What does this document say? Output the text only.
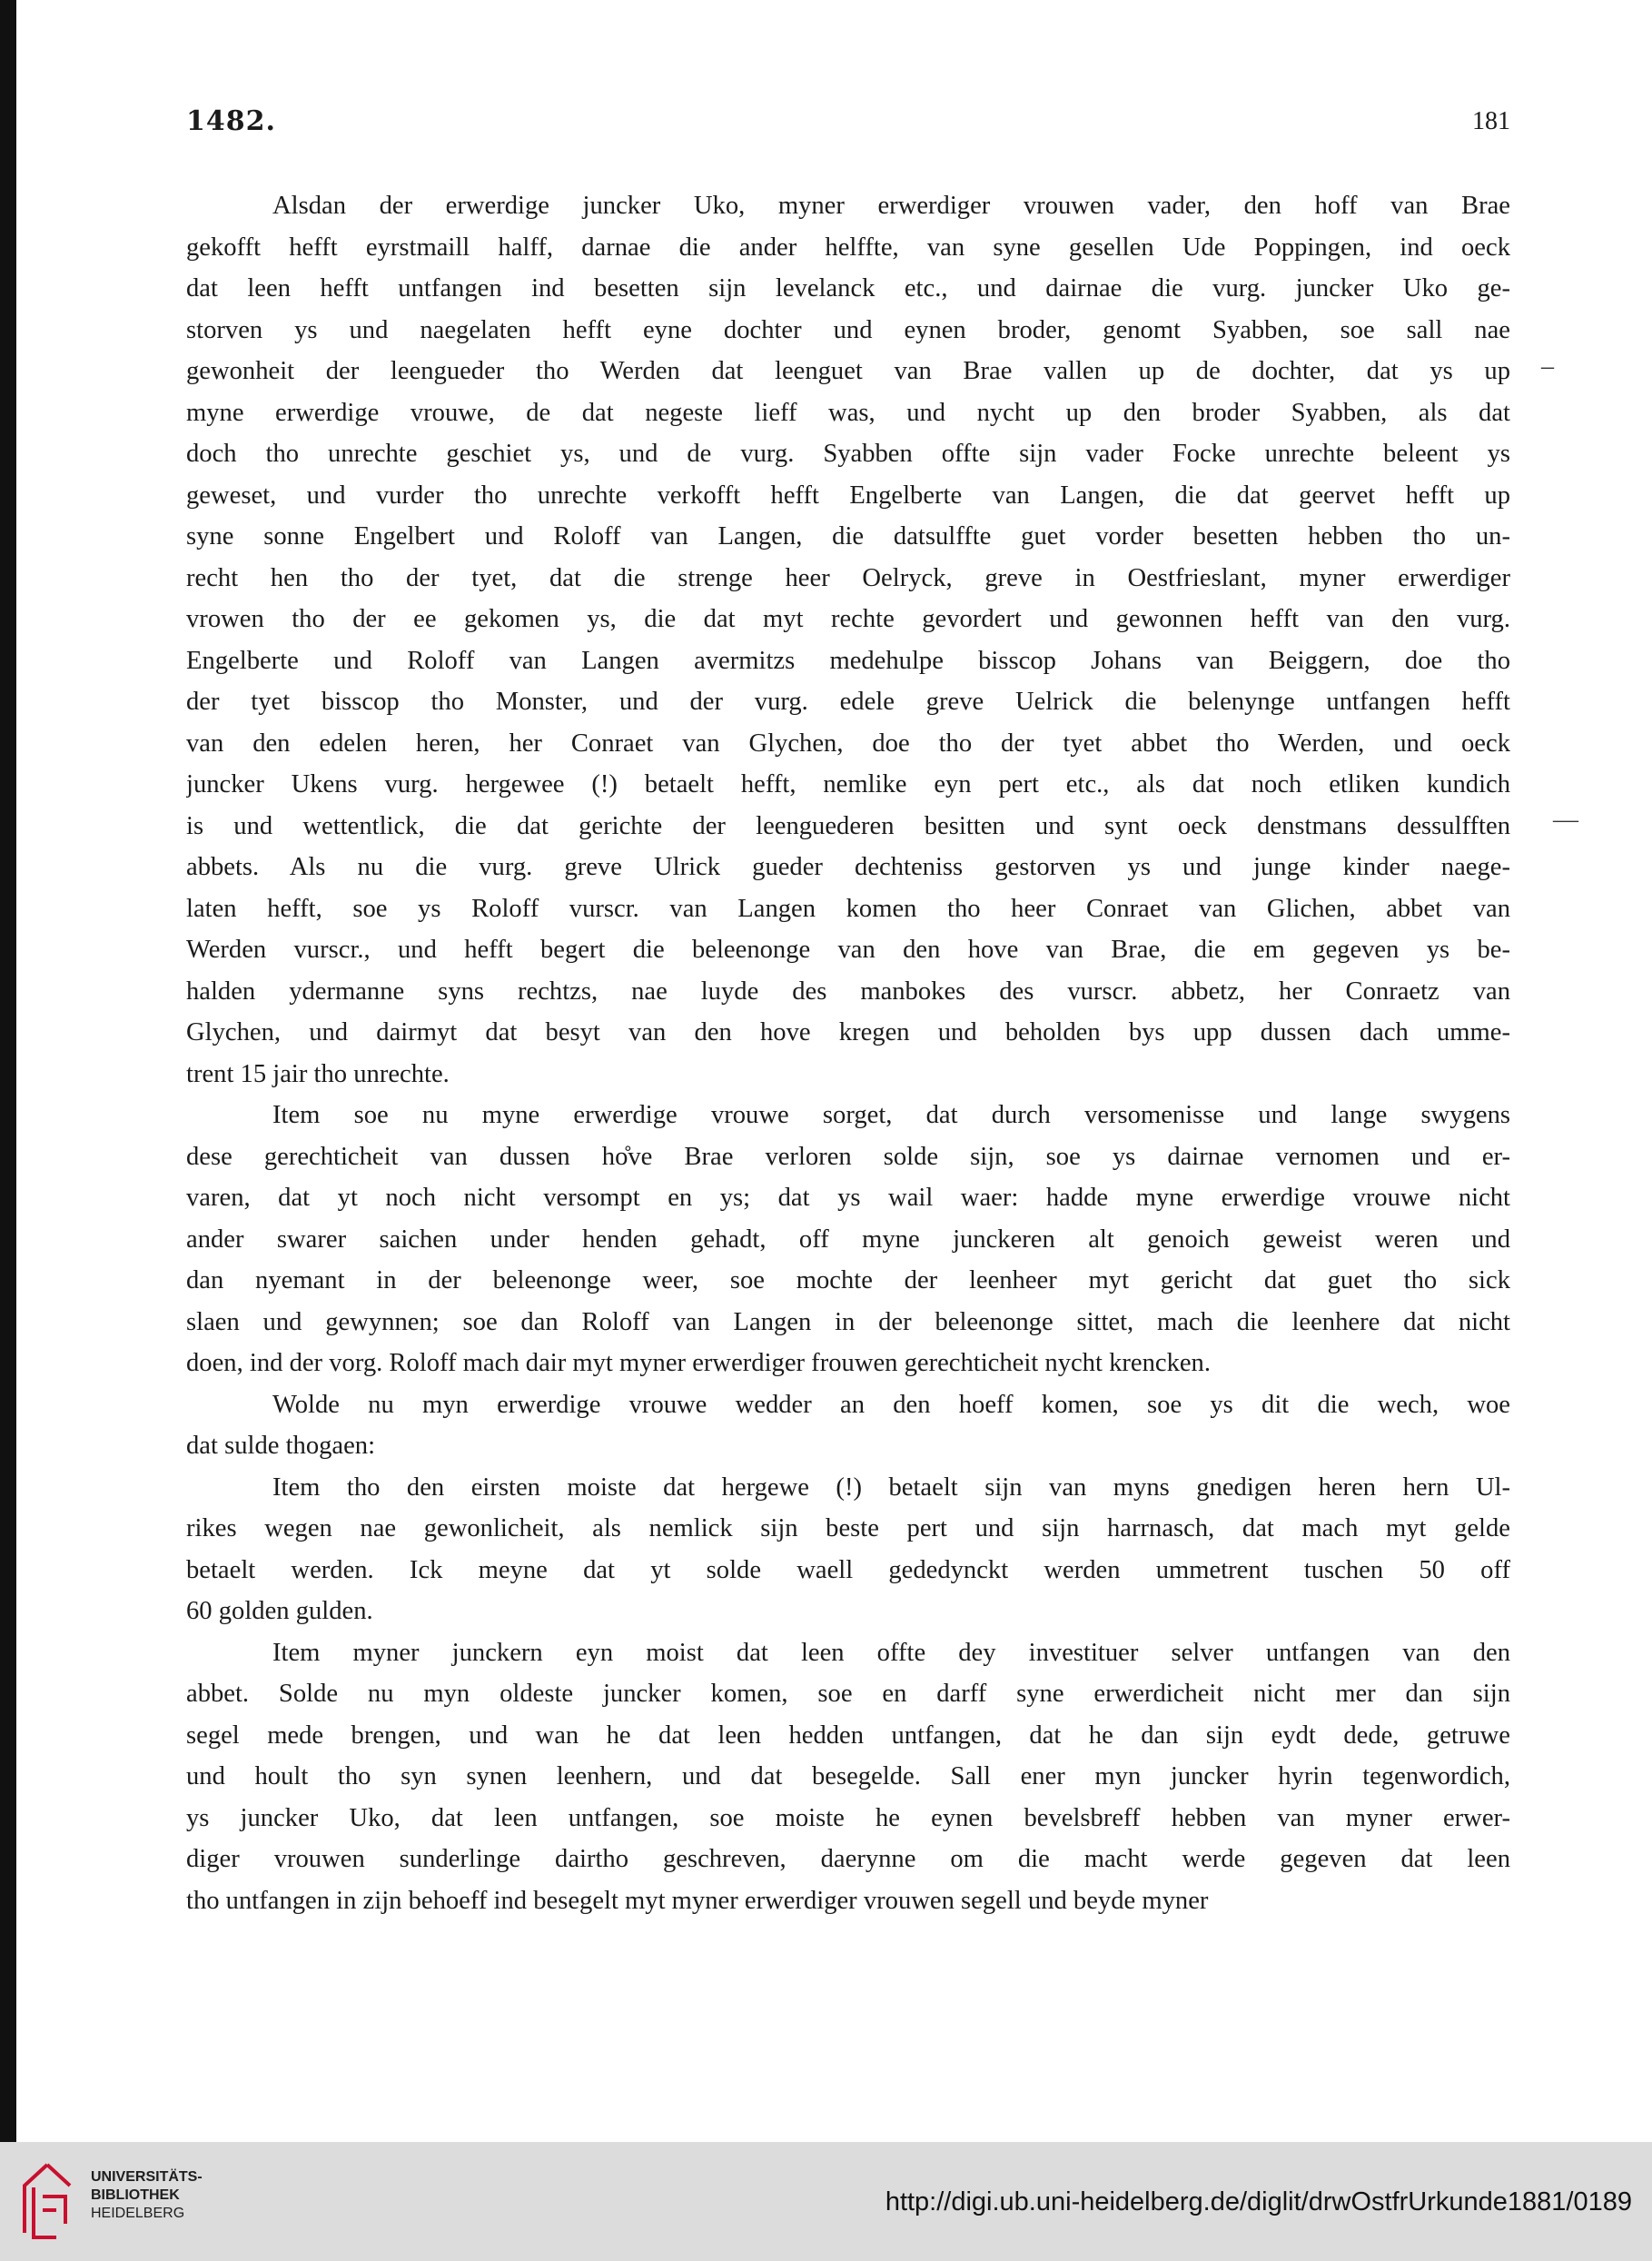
1482.	181
Alsdan der erwerdige juncker Uko, myner erwerdiger vrouwen vader, den hoff van Brae
gekofft hefft eyrstmaill halff, darnae die ander helffte, van syne gesellen Ude Poppingen, ind oeck
dat leen hefft untfangen ind besetten sijn levelanck etc., und dairnae die vurg. juncker Uko ge-
storven ys und naegelaten hefft eyne dochter und eynen broder, genomt Syabben, soe sall nae
gewonheit der leengueder tho Werden dat leenguet van Brae vallen up de dochter, dat ys up
myne erwerdige vrouwe, de dat negeste lieff was, und nycht up den broder Syabben, als dat
doch tho unrechte geschiet ys, und de vurg. Syabben offte sijn vader Focke unrechte beleent ys
geweset, und vurder tho unrechte verkofft hefft Engelberte van Langen, die dat geervet hefft up
syne sonne Engelbert und Roloff van Langen, die datsulffte guet vorder besetten hebben tho un-
recht hen tho der tyet, dat die strenge heer Oelryck, greve in Oestfrieslant, myner erwerdiger
vrowen tho der ee gekomen ys, die dat myt rechte gevordert und gewonnen hefft van den vurg.
Engelberte und Roloff van Langen avermitzs medehulpe bisscop Johans van Beiggern, doe tho
der tyet bisscop tho Monster, und der vurg. edele greve Uelrick die belenynge untfangen hefft
van den edelen heren, her Conraet van Glychen, doe tho der tyet abbet tho Werden, und oeck
juncker Ukens vurg. hergewee (!) betaelt hefft, nemlike eyn pert etc., als dat noch etliken kundich
is und wettentlick, die dat gerichte der leenguederen besitten und synt oeck denstmans dessulfften
abbets. Als nu die vurg. greve Ulrick gueder dechteniss gestorven ys und junge kinder naege-
laten hefft, soe ys Roloff vurscr. van Langen komen tho heer Conraet van Glichen, abbet van
Werden vurscr., und hefft begert die beleenonge van den hove van Brae, die em gegeven ys be-
halden ydermanne syns rechtzs, nae luyde des manbokes des vurscr. abbetz, her Conraetz van
Glychen, und dairmyt dat besyt van den hove kregen und beholden bys upp dussen dach umme-
trent 15 jair tho unrechte.
Item soe nu myne erwerdige vrouwe sorget, dat durch versomenisse und lange swygens
dese gerechticheit van dussen ho̊ve Brae verloren solde sijn, soe ys dairnae vernomen und er-
varen, dat yt noch nicht versompt en ys; dat ys wail waer: hadde myne erwerdige vrouwe nicht
ander swarer saichen under henden gehadt, off myne junckeren alt genoich geweist weren und
dan nyemant in der beleenonge weer, soe mochte der leenheer myt gericht dat guet tho sick
slaen und gewynnen; soe dan Roloff van Langen in der beleenonge sittet, mach die leenhere dat nicht
doen, ind der vorg. Roloff mach dair myt myner erwerdiger frouwen gerechticheit nycht krencken.
Wolde nu myn erwerdige vrouwe wedder an den hoeff komen, soe ys dit die wech, woe
dat sulde thogaen:
Item tho den eirsten moiste dat hergewe (!) betaelt sijn van myns gnedigen heren hern Ul-
rikes wegen nae gewonlicheit, als nemlick sijn beste pert und sijn harrnasch, dat mach myt gelde
betaelt werden. Ick meyne dat yt solde waell gededynckt werden ummetrent tuschen 50 off
60 golden gulden.
Item myner junckern eyn moist dat leen offte dey investituer selver untfangen van den
abbet. Solde nu myn oldeste juncker komen, soe en darff syne erwerdicheit nicht mer dan sijn
segel mede brengen, und wan he dat leen hedden untfangen, dat he dan sijn eydt dede, getruwe
und hoult tho syn synen leenhern, und dat besegelde. Sall ener myn juncker hyrin tegenwordich,
ys juncker Uko, dat leen untfangen, soe moiste he eynen bevelsbreff hebben van myner erwer-
diger vrouwen sunderlinge dairtho geschreven, daerynne om die macht werde gegeven dat leen
tho untfangen in zijn behoeff ind besegelt myt myner erwerdiger vrouwen segell und beyde myner
–
—
UNIVERSITÄTS-
BIBLIOTHEK
HEIDELBERG	http://digi.ub.uni-heidelberg.de/diglit/drwOstfrUrkunde1881/0189
